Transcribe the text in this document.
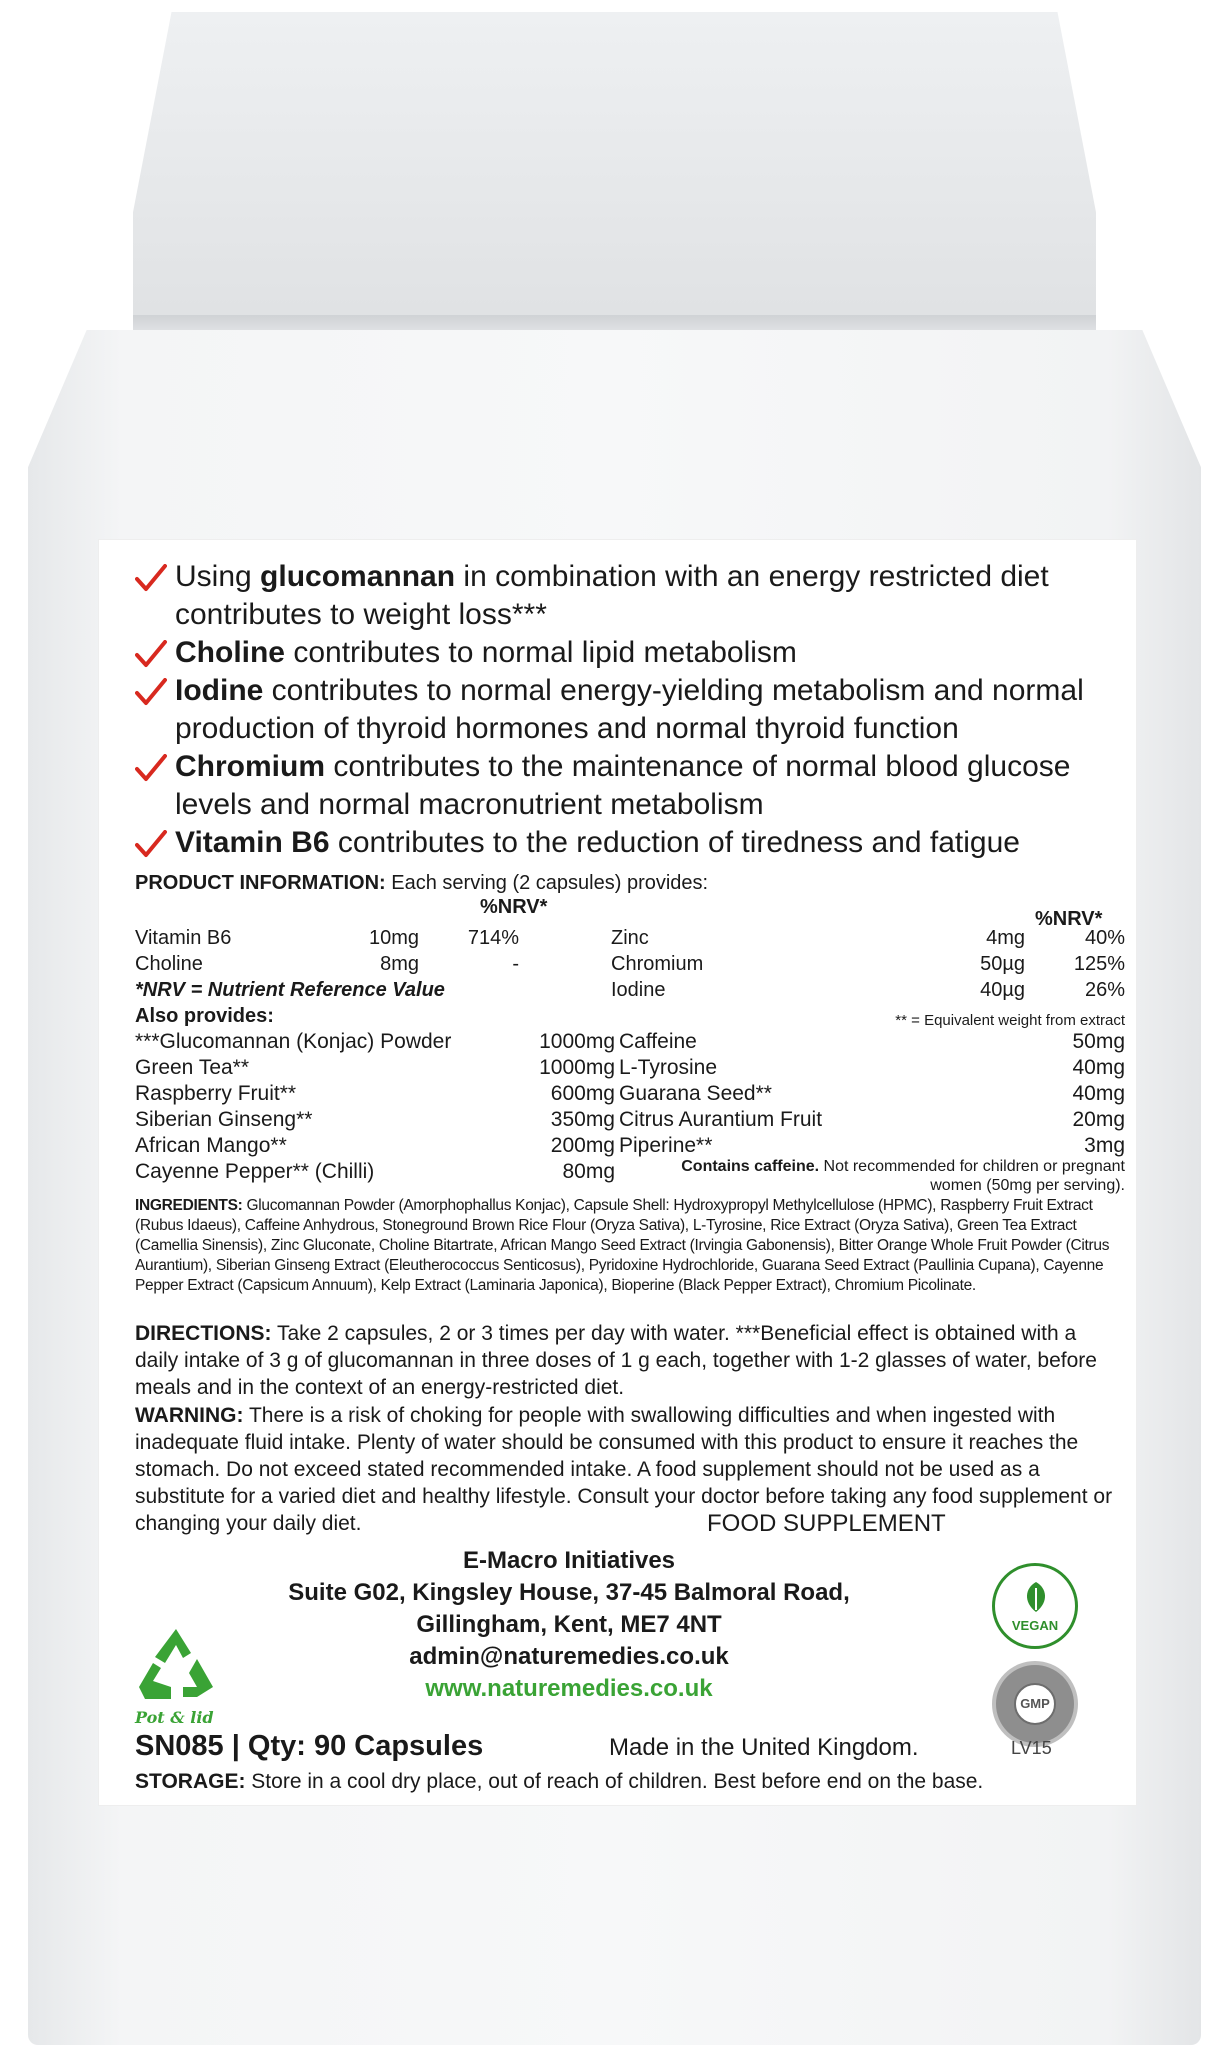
Using glucomannan in combination with an energy restricted diet contributes to weight loss***
Choline contributes to normal lipid metabolism
Iodine contributes to normal energy-yielding metabolism and normal production of thyroid hormones and normal thyroid function
Chromium contributes to the maintenance of normal blood glucose levels and normal macronutrient metabolism
Vitamin B6 contributes to the reduction of tiredness and fatigue
PRODUCT INFORMATION: Each serving (2 capsules) provides:
%NRV*
%NRV*
Vitamin B6	10mg	714%
Choline	8mg	-
Zinc	4mg	40%
Chromium	50µg	125%
Iodine	40µg	26%
*NRV = Nutrient Reference Value
Also provides:	** = Equivalent weight from extract
***Glucomannan (Konjac) Powder	1000mg
Green Tea**	1000mg
Raspberry Fruit**	600mg
Siberian Ginseng**	350mg
African Mango**	200mg
Cayenne Pepper** (Chilli)	80mg
Caffeine	50mg
L-Tyrosine	40mg
Guarana Seed**	40mg
Citrus Aurantium Fruit	20mg
Piperine**	3mg
Contains caffeine. Not recommended for children or pregnant women (50mg per serving).
INGREDIENTS: Glucomannan Powder (Amorphophallus Konjac), Capsule Shell: Hydroxypropyl Methylcellulose (HPMC), Raspberry Fruit Extract (Rubus Idaeus), Caffeine Anhydrous, Stoneground Brown Rice Flour (Oryza Sativa), L-Tyrosine, Rice Extract (Oryza Sativa), Green Tea Extract (Camellia Sinensis), Zinc Gluconate, Choline Bitartrate, African Mango Seed Extract (Irvingia Gabonensis), Bitter Orange Whole Fruit Powder (Citrus Aurantium), Siberian Ginseng Extract (Eleutherococcus Senticosus), Pyridoxine Hydrochloride, Guarana Seed Extract (Paullinia Cupana), Cayenne Pepper Extract (Capsicum Annuum), Kelp Extract (Laminaria Japonica), Bioperine (Black Pepper Extract), Chromium Picolinate.
DIRECTIONS: Take 2 capsules, 2 or 3 times per day with water. ***Beneficial effect is obtained with a daily intake of 3 g of glucomannan in three doses of 1 g each, together with 1-2 glasses of water, before meals and in the context of an energy-restricted diet.
WARNING: There is a risk of choking for people with swallowing difficulties and when ingested with inadequate fluid intake. Plenty of water should be consumed with this product to ensure it reaches the stomach. Do not exceed stated recommended intake. A food supplement should not be used as a substitute for a varied diet and healthy lifestyle. Consult your doctor before taking any food supplement or changing your daily diet.	FOOD SUPPLEMENT
E-Macro Initiatives
Suite G02, Kingsley House, 37-45 Balmoral Road,
Gillingham, Kent, ME7 4NT
admin@naturemedies.co.uk
www.naturemedies.co.uk
Pot & lid
VEGAN
GMP
SN085 | Qty: 90 Capsules	Made in the United Kingdom.	LV15
STORAGE: Store in a cool dry place, out of reach of children. Best before end on the base.
